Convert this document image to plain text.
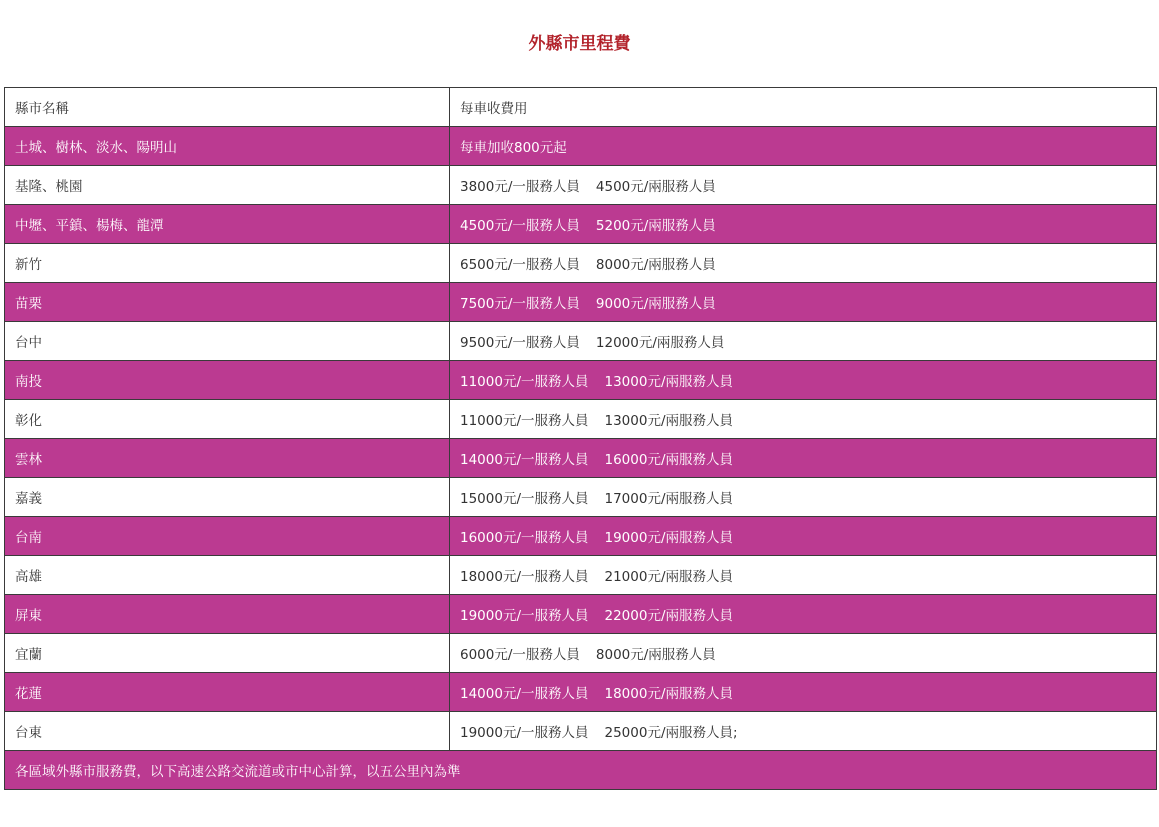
外縣市里程費
縣市名稱	每車收費用
土城、樹林、淡水、陽明山	每車加收800元起
基隆、桃園	3800元/一服務人員 4500元/兩服務人員
中壢、平鎮、楊梅、龍潭	4500元/一服務人員 5200元/兩服務人員
新竹	6500元/一服務人員 8000元/兩服務人員
苗栗	7500元/一服務人員 9000元/兩服務人員
台中	9500元/一服務人員 12000元/兩服務人員
南投	11000元/一服務人員 13000元/兩服務人員
彰化	11000元/一服務人員 13000元/兩服務人員
雲林	14000元/一服務人員 16000元/兩服務人員
嘉義	15000元/一服務人員 17000元/兩服務人員
台南	16000元/一服務人員 19000元/兩服務人員
高雄	18000元/一服務人員 21000元/兩服務人員
屏東	19000元/一服務人員 22000元/兩服務人員
宜蘭	6000元/一服務人員 8000元/兩服務人員
花蓮	14000元/一服務人員 18000元/兩服務人員
台東	19000元/一服務人員 25000元/兩服務人員;
各區域外縣市服務費，以下高速公路交流道或市中心計算，以五公里內為準	
